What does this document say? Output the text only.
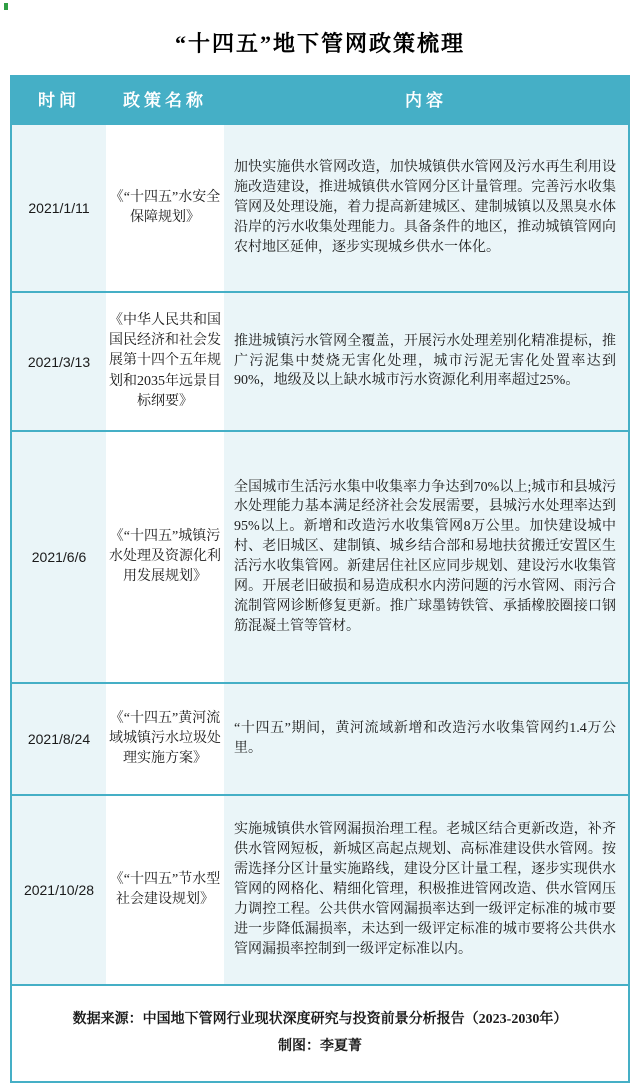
“十四五”地下管网政策梳理
时间	政策名称	内容
2021/1/11
《“十四五”水安全保障规划》
加快实施供水管网改造，加快城镇供水管网及污水再生利用设施改造建设，推进城镇供水管网分区计量管理。完善污水收集管网及处理设施，着力提高新建城区、建制城镇以及黑臭水体沿岸的污水收集处理能力。具备条件的地区，推动城镇管网向农村地区延伸，逐步实现城乡供水一体化。
2021/3/13
《中华人民共和国国民经济和社会发展第十四个五年规划和2035年远景目标纲要》
推进城镇污水管网全覆盖，开展污水处理差别化精准提标，推广污泥集中焚烧无害化处理，城市污泥无害化处置率达到90%，地级及以上缺水城市污水资源化利用率超过25%。
2021/6/6
《“十四五”城镇污水处理及资源化利用发展规划》
全国城市生活污水集中收集率力争达到70%以上;城市和县城污水处理能力基本满足经济社会发展需要，县城污水处理率达到95%以上。新增和改造污水收集管网8万公里。加快建设城中村、老旧城区、建制镇、城乡结合部和易地扶贫搬迁安置区生活污水收集管网。新建居住社区应同步规划、建设污水收集管网。开展老旧破损和易造成积水内涝问题的污水管网、雨污合流制管网诊断修复更新。推广球墨铸铁管、承插橡胶圈接口钢筋混凝土管等管材。
2021/8/24
《“十四五”黄河流域城镇污水垃圾处理实施方案》
“十四五”期间，黄河流域新增和改造污水收集管网约1.4万公里。
2021/10/28
《“十四五”节水型社会建设规划》
实施城镇供水管网漏损治理工程。老城区结合更新改造，补齐供水管网短板，新城区高起点规划、高标准建设供水管网。按需选择分区计量实施路线，建设分区计量工程，逐步实现供水管网的网格化、精细化管理，积极推进管网改造、供水管网压力调控工程。公共供水管网漏损率达到一级评定标准的城市要进一步降低漏损率，未达到一级评定标准的城市要将公共供水管网漏损率控制到一级评定标准以内。
数据来源：中国地下管网行业现状深度研究与投资前景分析报告（2023-2030年）
制图：李夏菁
